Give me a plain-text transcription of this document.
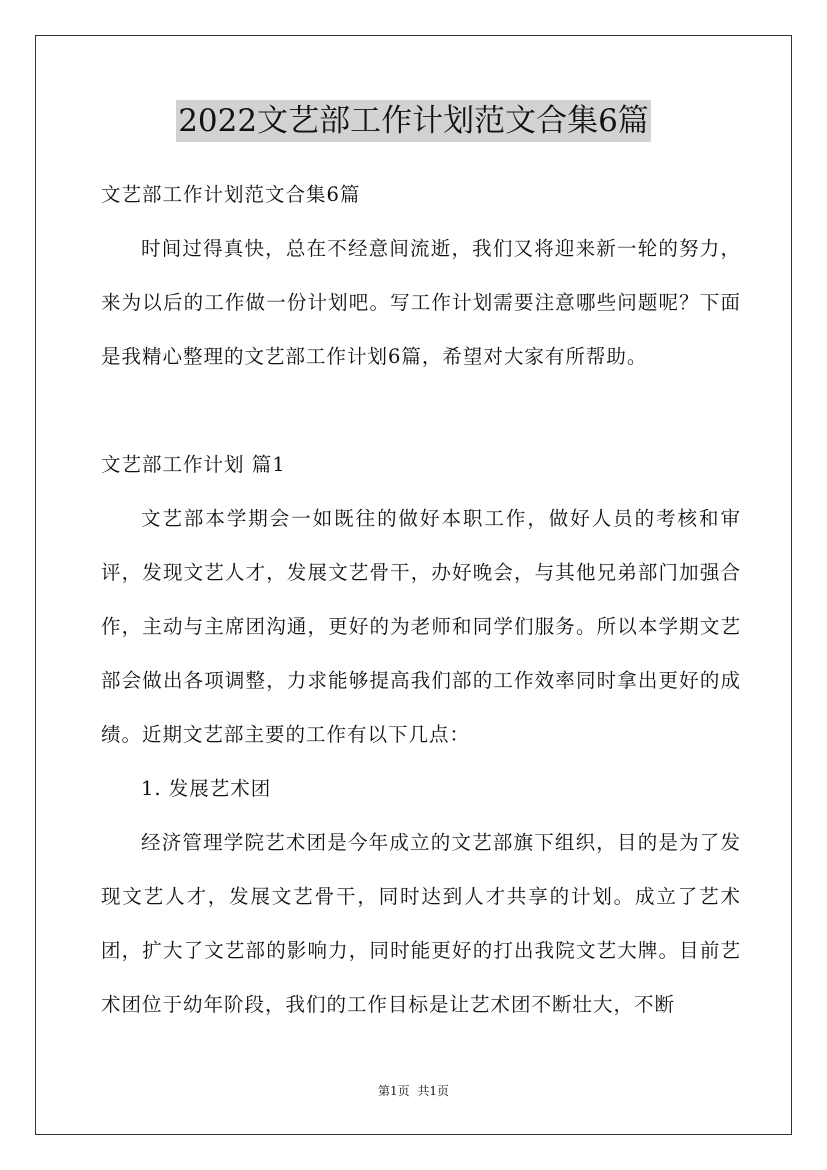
2022文艺部工作计划范文合集6篇

文艺部工作计划范文合集6篇

时间过得真快，总在不经意间流逝，我们又将迎来新一轮的努力，来为以后的工作做一份计划吧。写工作计划需要注意哪些问题呢？下面是我精心整理的文艺部工作计划6篇，希望对大家有所帮助。

文艺部工作计划 篇1

文艺部本学期会一如既往的做好本职工作，做好人员的考核和审评，发现文艺人才，发展文艺骨干，办好晚会，与其他兄弟部门加强合作，主动与主席团沟通，更好的为老师和同学们服务。所以本学期文艺部会做出各项调整，力求能够提高我们部的工作效率同时拿出更好的成绩。近期文艺部主要的工作有以下几点：

1. 发展艺术团

经济管理学院艺术团是今年成立的文艺部旗下组织，目的是为了发现文艺人才，发展文艺骨干，同时达到人才共享的计划。成立了艺术团，扩大了文艺部的影响力，同时能更好的打出我院文艺大牌。目前艺术团位于幼年阶段，我们的工作目标是让艺术团不断壮大，不断

第1页 共1页
